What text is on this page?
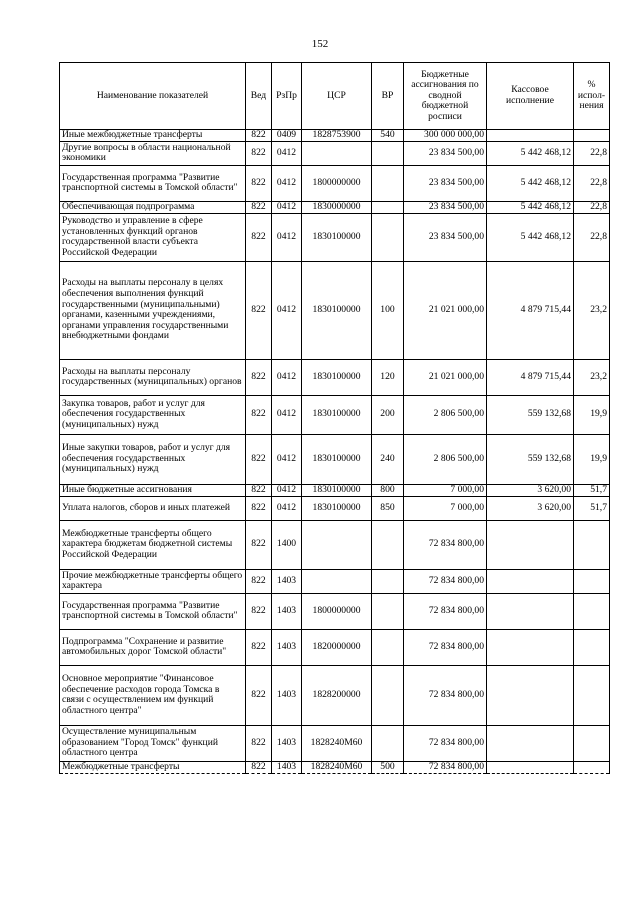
152
Наименование показателей	Вед	РзПр	ЦСР	ВР	Бюджетные ассигнования по сводной бюджетной росписи	Кассовое исполнение	% испол-нения
Иные межбюджетные трансферты	822	0409	1828753900	540	300 000 000,00		
Другие вопросы в области национальной экономики	822	0412			23 834 500,00	5 442 468,12	22,8
Государственная программа "Развитие транспортной системы в Томской области"	822	0412	1800000000		23 834 500,00	5 442 468,12	22,8
Обеспечивающая подпрограмма	822	0412	1830000000		23 834 500,00	5 442 468,12	22,8
Руководство и управление в сфере установленных функций органов государственной власти субъекта Российской Федерации	822	0412	1830100000		23 834 500,00	5 442 468,12	22,8
Расходы на выплаты персоналу в целях обеспечения выполнения функций государственными (муниципальными) органами, казенными учреждениями, органами управления государственными внебюджетными фондами	822	0412	1830100000	100	21 021 000,00	4 879 715,44	23,2
Расходы на выплаты персоналу государственных (муниципальных) органов	822	0412	1830100000	120	21 021 000,00	4 879 715,44	23,2
Закупка товаров, работ и услуг для обеспечения государственных (муниципальных) нужд	822	0412	1830100000	200	2 806 500,00	559 132,68	19,9
Иные закупки товаров, работ и услуг для обеспечения государственных (муниципальных) нужд	822	0412	1830100000	240	2 806 500,00	559 132,68	19,9
Иные бюджетные ассигнования	822	0412	1830100000	800	7 000,00	3 620,00	51,7
Уплата налогов, сборов и иных платежей	822	0412	1830100000	850	7 000,00	3 620,00	51,7
Межбюджетные трансферты общего характера бюджетам бюджетной системы Российской Федерации	822	1400			72 834 800,00		
Прочие межбюджетные трансферты общего характера	822	1403			72 834 800,00		
Государственная программа "Развитие транспортной системы в Томской области"	822	1403	1800000000		72 834 800,00		
Подпрограмма "Сохранение и развитие автомобильных дорог Томской области"	822	1403	1820000000		72 834 800,00		
Основное мероприятие "Финансовое обеспечение расходов города Томска в связи с осуществлением им функций областного центра"	822	1403	1828200000		72 834 800,00		
Осуществление муниципальным образованием "Город Томск" функций областного центра	822	1403	1828240М60		72 834 800,00		
Межбюджетные трансферты	822	1403	1828240М60	500	72 834 800,00		
